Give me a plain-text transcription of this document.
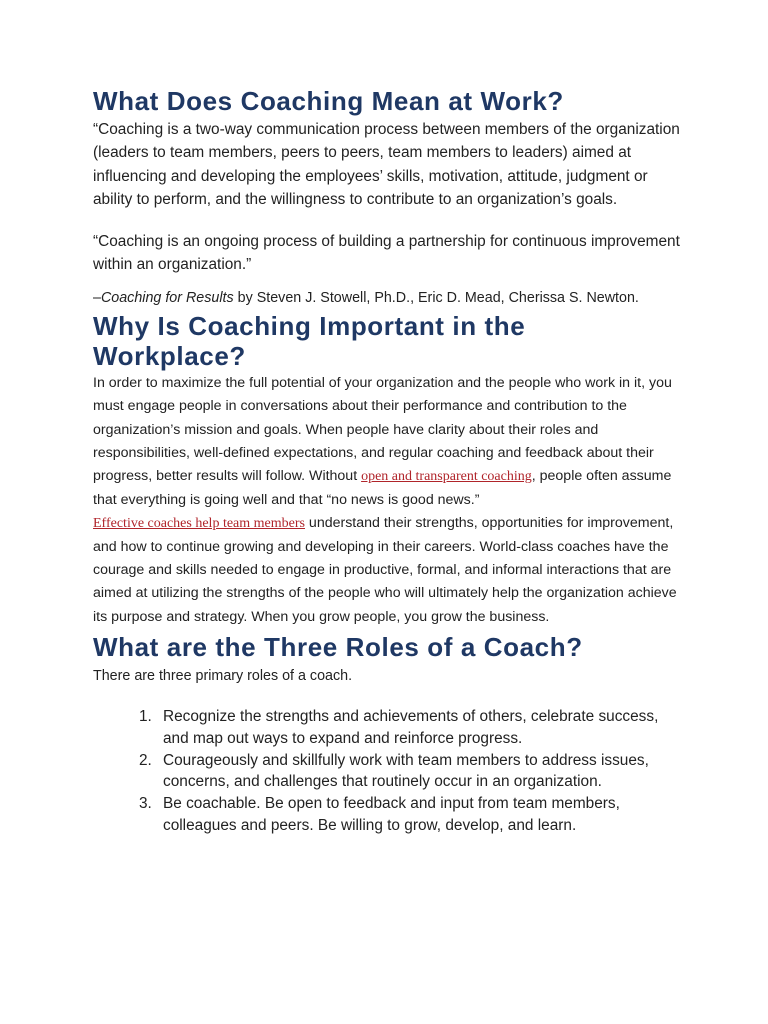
What Does Coaching Mean at Work?

“Coaching is a two-way communication process between members of the organization (leaders to team members, peers to peers, team members to leaders) aimed at influencing and developing the employees’ skills, motivation, attitude, judgment or ability to perform, and the willingness to contribute to an organization’s goals.

“Coaching is an ongoing process of building a partnership for continuous improvement within an organization.”

–Coaching for Results by Steven J. Stowell, Ph.D., Eric D. Mead, Cherissa S. Newton.

Why Is Coaching Important in the Workplace?

In order to maximize the full potential of your organization and the people who work in it, you must engage people in conversations about their performance and contribution to the organization’s mission and goals. When people have clarity about their roles and responsibilities, well-defined expectations, and regular coaching and feedback about their progress, better results will follow. Without open and transparent coaching, people often assume that everything is going well and that “no news is good news.”

Effective coaches help team members understand their strengths, opportunities for improvement, and how to continue growing and developing in their careers. World-class coaches have the courage and skills needed to engage in productive, formal, and informal interactions that are aimed at utilizing the strengths of the people who will ultimately help the organization achieve its purpose and strategy. When you grow people, you grow the business.

What are the Three Roles of a Coach?

There are three primary roles of a coach.

1. Recognize the strengths and achievements of others, celebrate success, and map out ways to expand and reinforce progress.
2. Courageously and skillfully work with team members to address issues, concerns, and challenges that routinely occur in an organization.
3. Be coachable. Be open to feedback and input from team members, colleagues and peers. Be willing to grow, develop, and learn.
